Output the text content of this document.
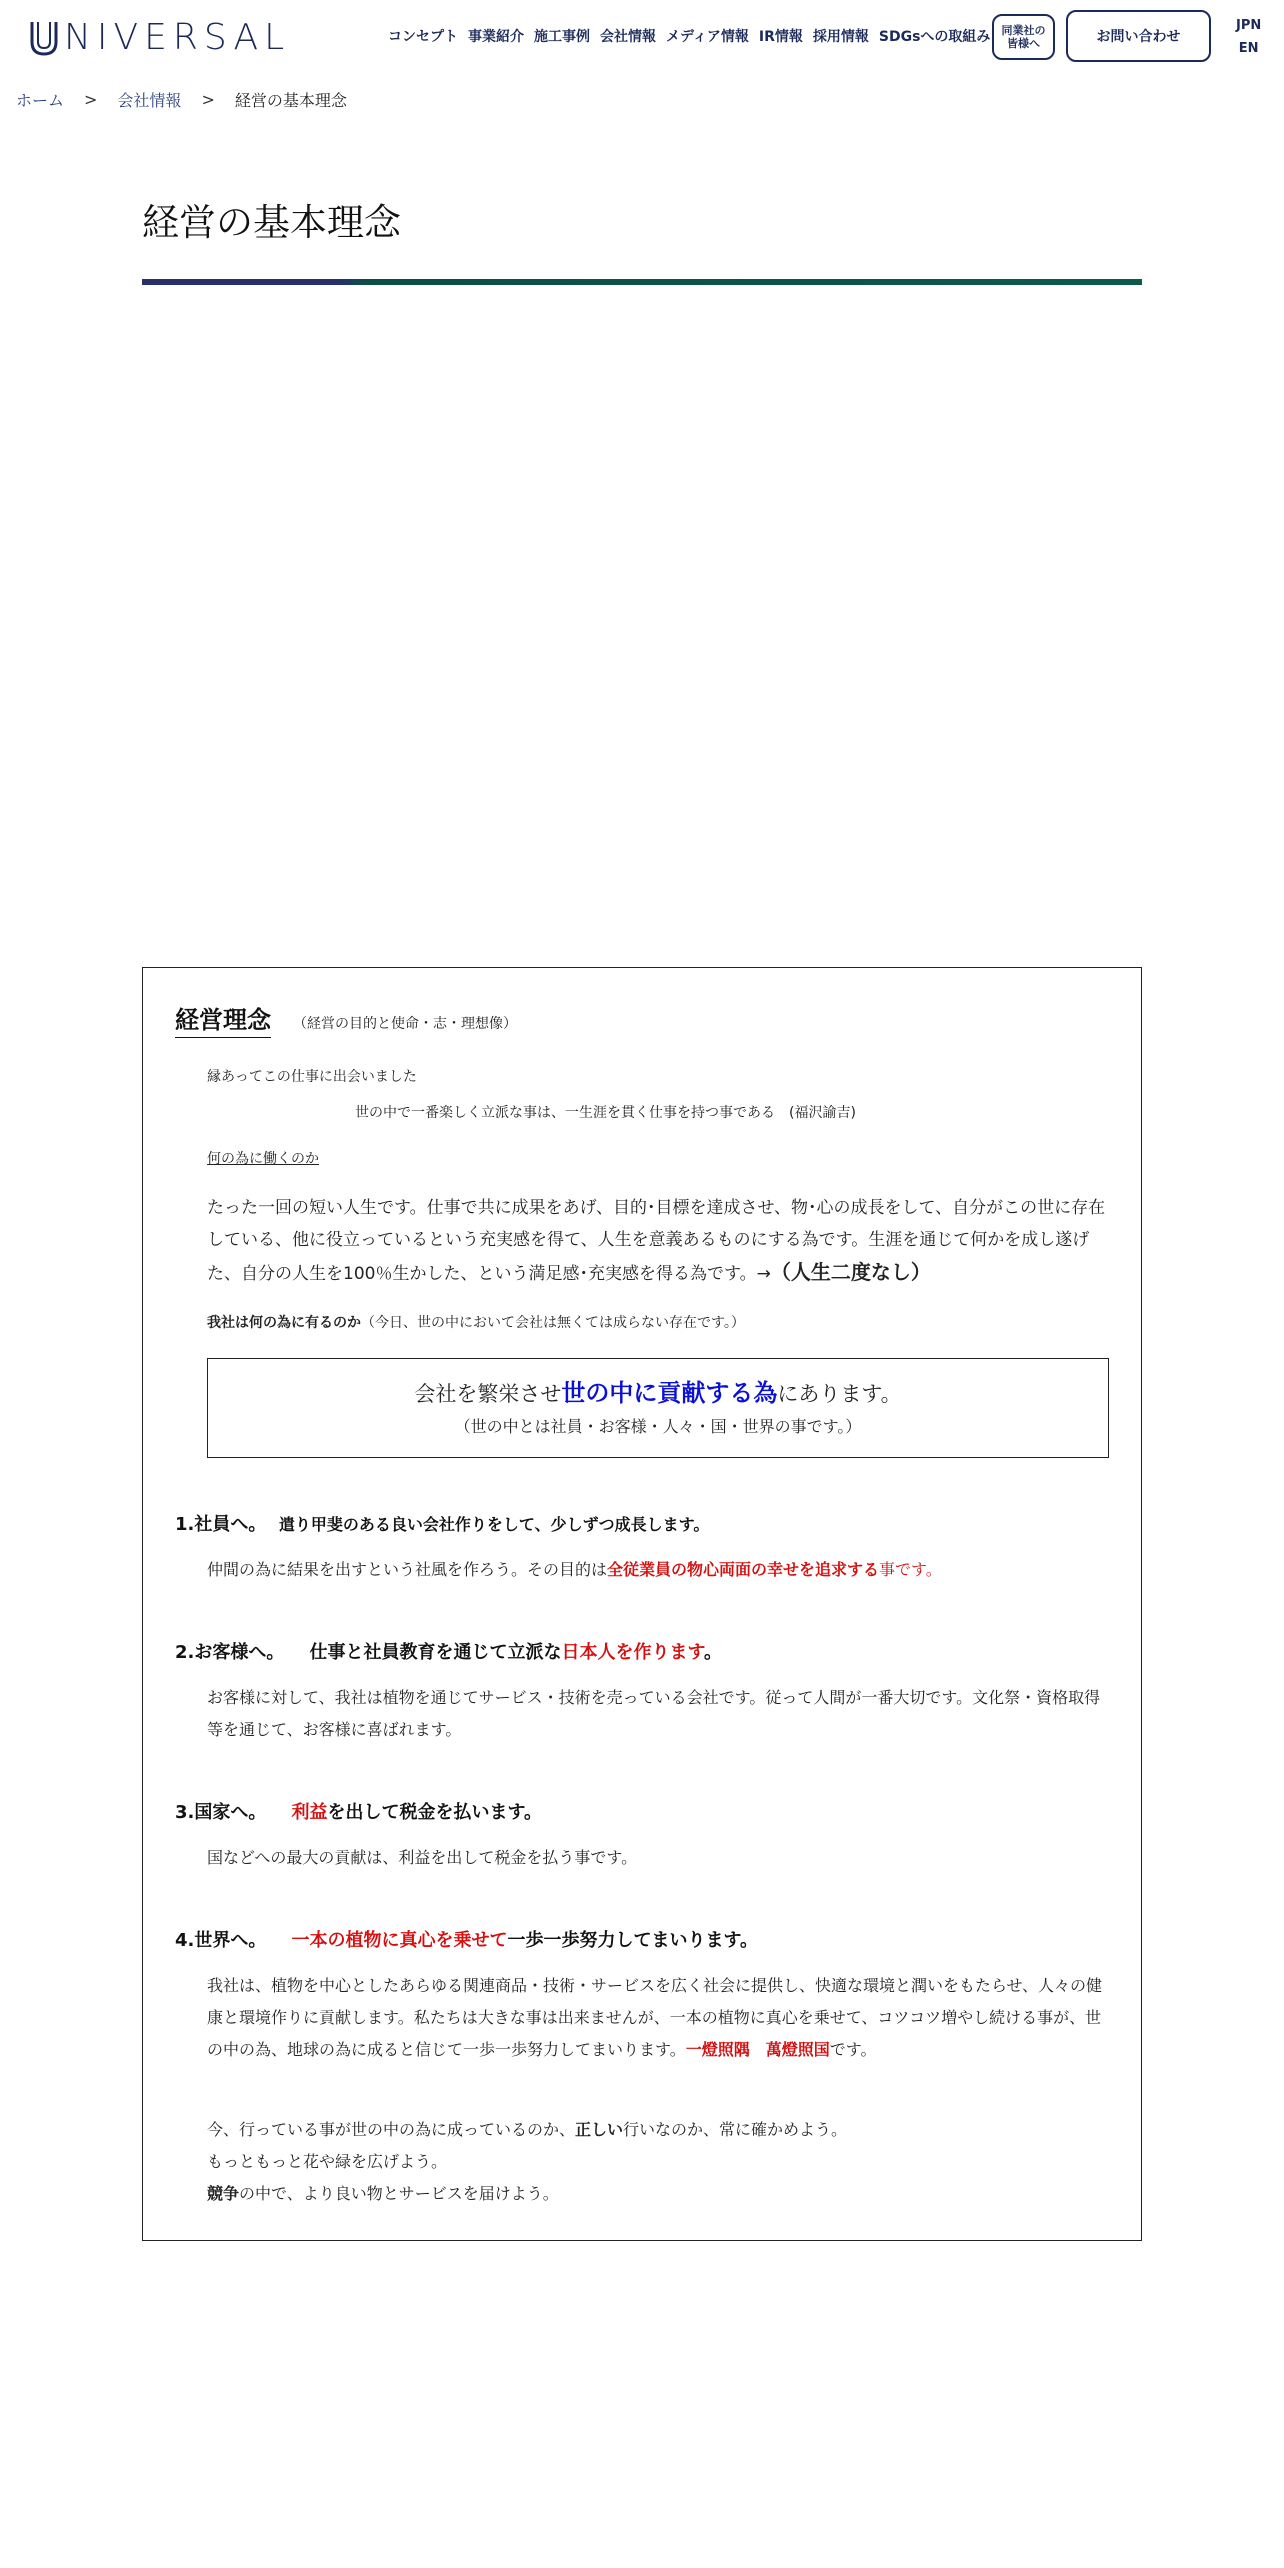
NIVERSAL	コンセプト 事業紹介 施工事例 会社情報 メディア情報 IR情報 採用情報 SDGsへの取組み	同業社の
皆様へ	お問い合わせ
JPN
EN
ホーム > 会社情報 > 経営の基本理念
経営の基本理念
経営理念 （経営の目的と使命・志・理想像）

縁あってこの仕事に出会いました

世の中で一番楽しく立派な事は、一生涯を貫く仕事を持つ事である　(福沢諭吉)

何の為に働くのか

たった一回の短い人生です。仕事で共に成果をあげ、目的･目標を達成させ、物･心の成長をして、自分がこの世に存在している、他に役立っているという充実感を得て、人生を意義あるものにする為です。生涯を通じて何かを成し遂げた、自分の人生を100％生かした、という満足感･充実感を得る為です。→（人生二度なし）

我社は何の為に有るのか（今日、世の中において会社は無くては成らない存在です。）

会社を繁栄させ世の中に貢献する為にあります。
（世の中とは社員・お客様・人々・国・世界の事です。）
1.社員へ。 遣り甲斐のある良い会社作りをして、少しずつ成長します。

仲間の為に結果を出すという社風を作ろう。その目的は全従業員の物心両面の幸せを追求する事です。

2.お客様へ。 仕事と社員教育を通じて立派な日本人を作ります。

お客様に対して、我社は植物を通じてサービス・技術を売っている会社です。従って人間が一番大切です。文化祭・資格取得等を通じて、お客様に喜ばれます。

3.国家へ。 利益を出して税金を払います。

国などへの最大の貢献は、利益を出して税金を払う事です。

4.世界へ。 一本の植物に真心を乗せて一歩一歩努力してまいります。

我社は、植物を中心としたあらゆる関連商品・技術・サービスを広く社会に提供し、快適な環境と潤いをもたらせ、人々の健康と環境作りに貢献します。私たちは大きな事は出来ませんが、一本の植物に真心を乗せて、コツコツ増やし続ける事が、世の中の為、地球の為に成ると信じて一歩一歩努力してまいります。一燈照隅　萬燈照国です。

今、行っている事が世の中の為に成っているのか、正しい行いなのか、常に確かめよう。

もっともっと花や緑を広げよう。

競争の中で、より良い物とサービスを届けよう。
